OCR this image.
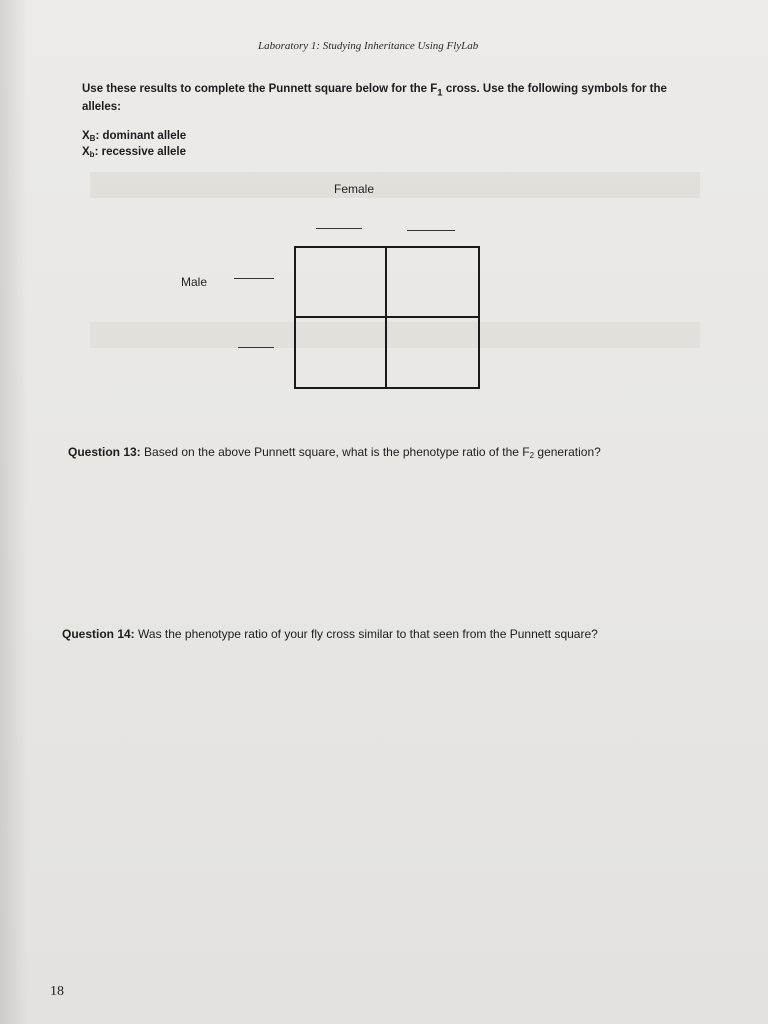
Laboratory 1: Studying Inheritance Using FlyLab
Use these results to complete the Punnett square below for the $F_1$ cross. Use the following symbols for the alleles:
$X_B$: dominant allele
$X_b$: recessive allele
Female
Male
Question 13: Based on the above Punnett square, what is the phenotype ratio of the $F_2$ generation?
Question 14: Was the phenotype ratio of your fly cross similar to that seen from the Punnett square?
18
